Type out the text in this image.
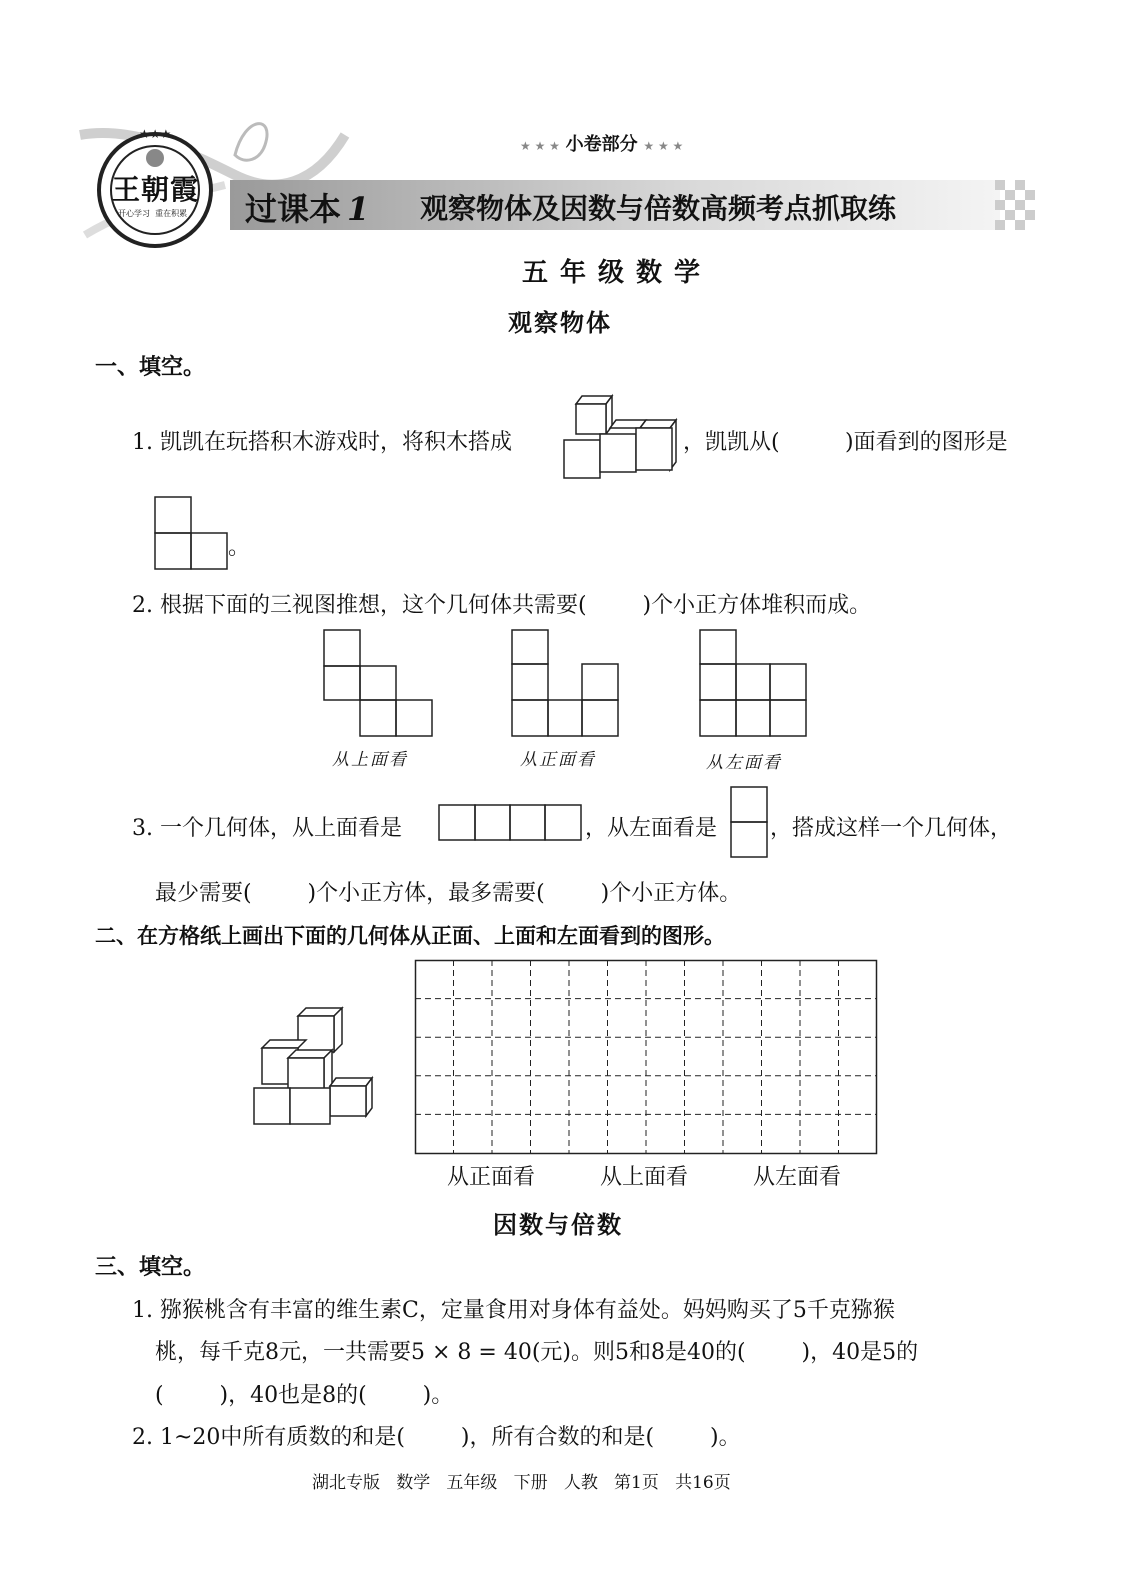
★★★
王朝霞
开心学习  重在积累
★ ★ ★ 小卷部分 ★ ★ ★
过课本 1 观察物体及因数与倍数高频考点抓取练
五年级数学
观察物体
一、填空。
1. 凯凯在玩搭积木游戏时，将积木搭成	，凯凯从(	)面看到的图形是
。
2. 根据下面的三视图推想，这个几何体共需要(        )个小正方体堆积而成。
从上面看	从正面看	从左面看
3. 一个几何体，从上面看是	，从左面看是 ，搭成这样一个几何体，
最少需要(        )个小正方体，最多需要(        )个小正方体。
二、在方格纸上画出下面的几何体从正面、上面和左面看到的图形。
从正面看	从上面看	从左面看
因数与倍数
三、填空。
1. 猕猴桃含有丰富的维生素C，定量食用对身体有益处。妈妈购买了5千克猕猴
桃，每千克8元，一共需要5 × 8 = 40(元)。则5和8是40的(        )，40是5的
(        )，40也是8的(        )。
2. 1~20中所有质数的和是(        )，所有合数的和是(        )。
湖北专版   数学   五年级   下册   人教   第1页   共16页
